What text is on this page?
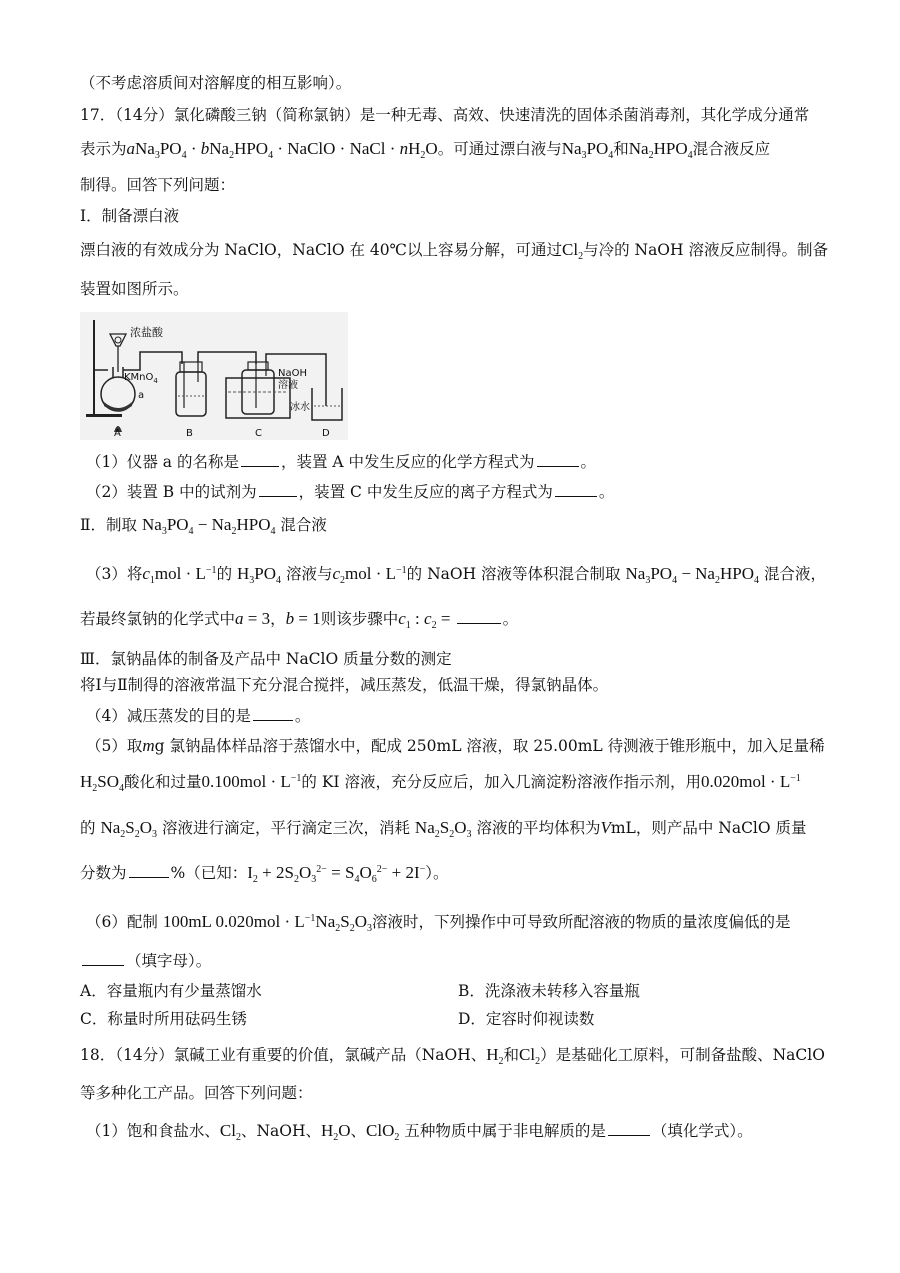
（不考虑溶质间对溶解度的相互影响）。
17．（14分）氯化磷酸三钠（简称氯钠）是一种无毒、高效、快速清洗的固体杀菌消毒剂，其化学成分通常
表示为$aNa_3PO_4 \cdot bNa_2HPO_4$ · NaClO · NaCl · $nH_2O$。可通过漂白液与$Na_3PO_4$和$Na_2HPO_4$混合液反应
制得。回答下列问题：
Ⅰ．制备漂白液
漂白液的有效成分为 NaClO，NaClO 在 40℃以上容易分解，可通过$Cl_2$与冷的 NaOH 溶液反应制得。制备
装置如图所示。
浓盐酸
KMnO$_4$
a
NaOH
溶液
冰水
A	B	C	D
（1）仪器 a 的名称是	，装置 A 中发生反应的化学方程式为	。
（2）装置 B 中的试剂为	，装置 C 中发生反应的离子方程式为	。
Ⅱ．制取 $Na_3PO_4 - Na_2HPO_4$ 混合液
（3）将$c_1mol \cdot L^{-1}$的 $H_3PO_4$ 溶液与$c_2mol \cdot L^{-1}$的 NaOH 溶液等体积混合制取 $Na_3PO_4 - Na_2HPO_4$ 混合液，
若最终氯钠的化学式中a = 3，b = 1则该步骤中$c_1$ : $c_2$ =	。
Ⅲ．氯钠晶体的制备及产品中 NaClO 质量分数的测定
将Ⅰ与Ⅱ制得的溶液常温下充分混合搅拌，减压蒸发，低温干燥，得氯钠晶体。
（4）减压蒸发的目的是	。
（5）取mg 氯钠晶体样品溶于蒸馏水中，配成 250mL 溶液，取 25.00mL 待测液于锥形瓶中，加入足量稀
$H_2SO_4$酸化和过量$0.100mol \cdot L^{-1}$的 KI 溶液，充分反应后，加入几滴淀粉溶液作指示剂，用$0.020mol \cdot L^{-1}$
的 $Na_2S_2O_3$ 溶液进行滴定，平行滴定三次，消耗 $Na_2S_2O_3$ 溶液的平均体积为VmL，则产品中 NaClO 质量
分数为	%（已知：$I_2 + 2S_2O_3^{2-} = S_4O_6^{2-} + 2I^-$）。
（6）配制 100mL $0.020mol \cdot L^{-1}Na_2S_2O_3$溶液时，下列操作中可导致所配溶液的物质的量浓度偏低的是
（填字母）。
A．容量瓶内有少量蒸馏水	B．洗涤液未转移入容量瓶
C．称量时所用砝码生锈	D．定容时仰视读数
18．（14分）氯碱工业有重要的价值，氯碱产品（NaOH、$H_2$和$Cl_2$）是基础化工原料，可制备盐酸、NaClO
等多种化工产品。回答下列问题：
（1）饱和食盐水、$Cl_2$、NaOH、$H_2O$、ClO$_2$ 五种物质中属于非电解质的是	（填化学式）。
